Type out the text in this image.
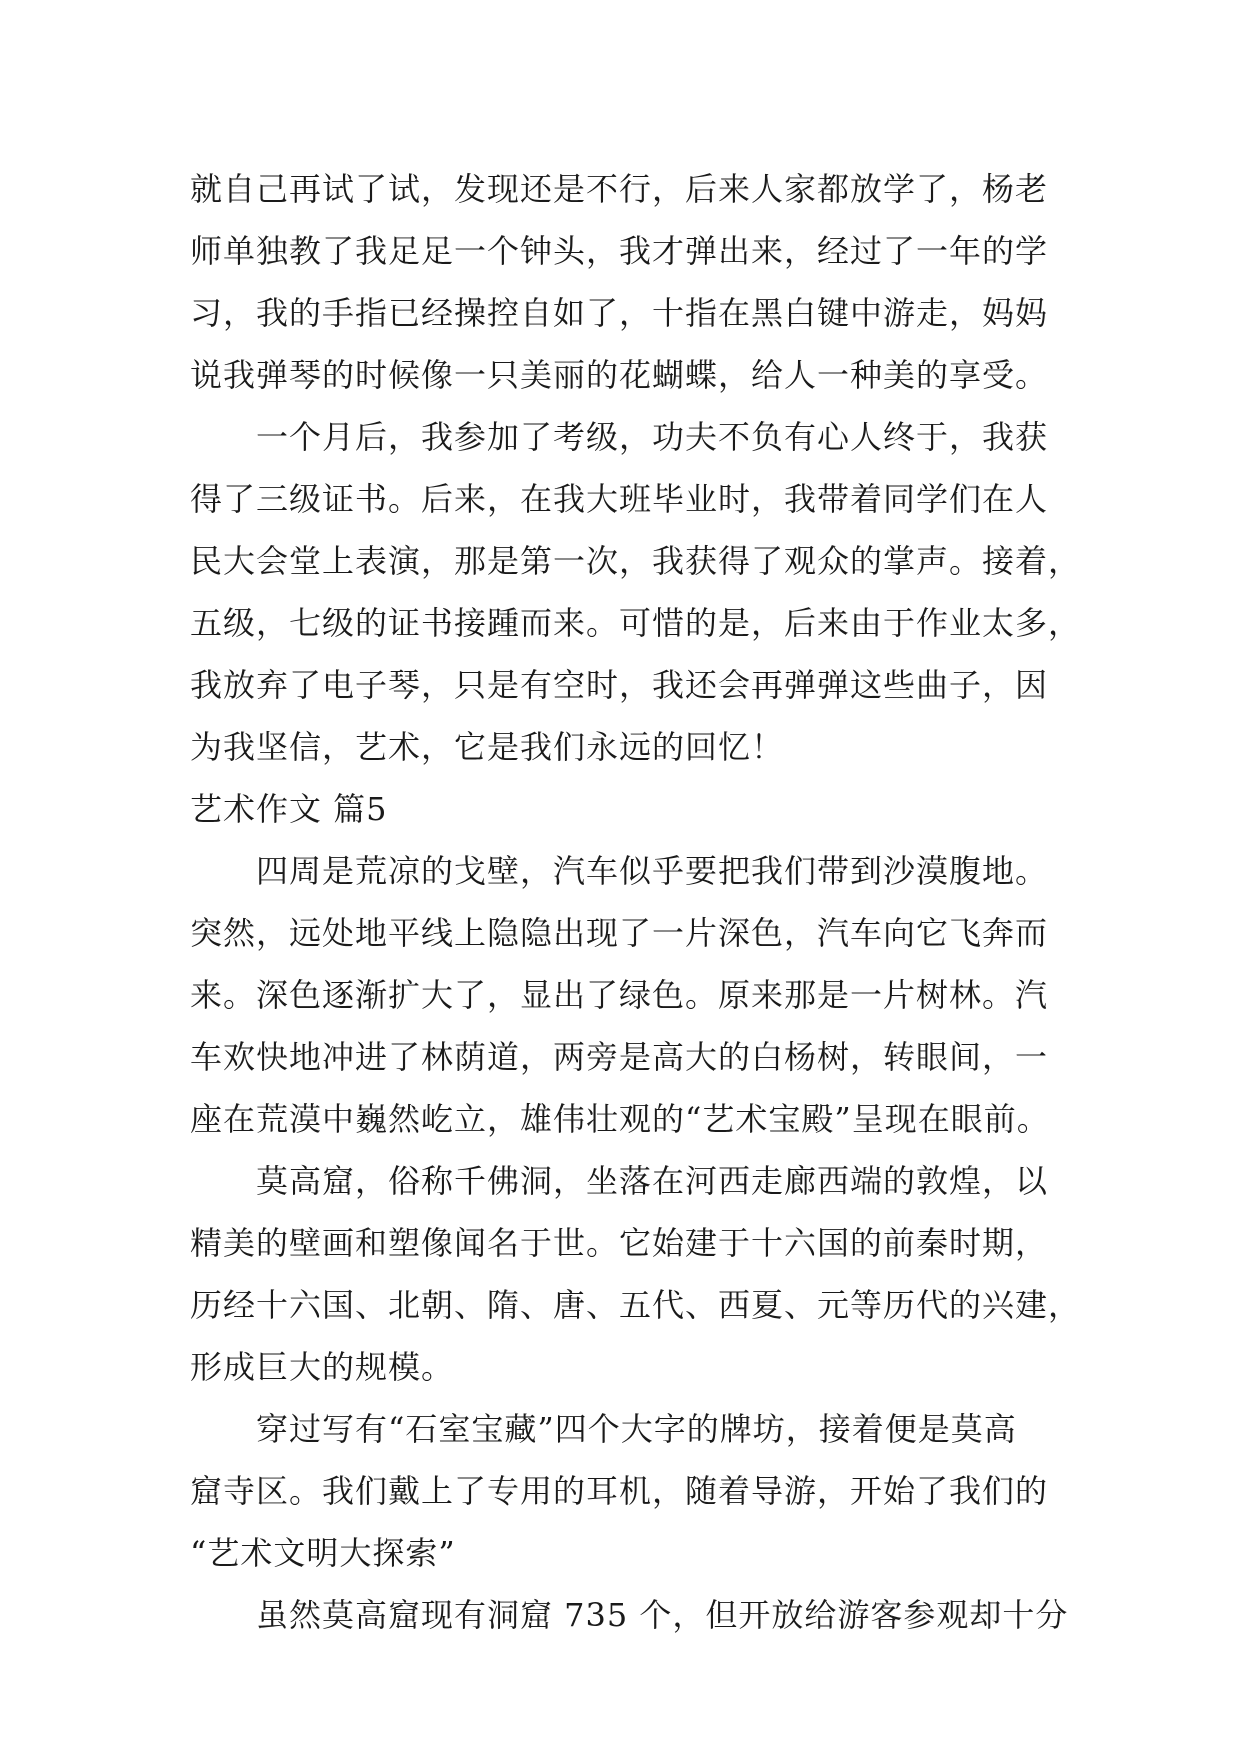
就自己再试了试，发现还是不行，后来人家都放学了，杨老
师单独教了我足足一个钟头，我才弹出来，经过了一年的学
习，我的手指已经操控自如了，十指在黑白键中游走，妈妈
说我弹琴的时候像一只美丽的花蝴蝶，给人一种美的享受。
一个月后，我参加了考级，功夫不负有心人终于，我获
得了三级证书。后来，在我大班毕业时，我带着同学们在人
民大会堂上表演，那是第一次，我获得了观众的掌声。接着，
五级，七级的证书接踵而来。可惜的是，后来由于作业太多，
我放弃了电子琴，只是有空时，我还会再弹弹这些曲子，因
为我坚信，艺术，它是我们永远的回忆！
艺术作文 篇5
四周是荒凉的戈壁，汽车似乎要把我们带到沙漠腹地。
突然，远处地平线上隐隐出现了一片深色，汽车向它飞奔而
来。深色逐渐扩大了，显出了绿色。原来那是一片树林。汽
车欢快地冲进了林荫道，两旁是高大的白杨树，转眼间，一
座在荒漠中巍然屹立，雄伟壮观的“艺术宝殿”呈现在眼前。
莫高窟，俗称千佛洞，坐落在河西走廊西端的敦煌，以
精美的壁画和塑像闻名于世。它始建于十六国的前秦时期，
历经十六国、北朝、隋、唐、五代、西夏、元等历代的兴建，
形成巨大的规模。
穿过写有“石室宝藏”四个大字的牌坊，接着便是莫高
窟寺区。我们戴上了专用的耳机，随着导游，开始了我们的
“艺术文明大探索”
虽然莫高窟现有洞窟 735 个，但开放给游客参观却十分
